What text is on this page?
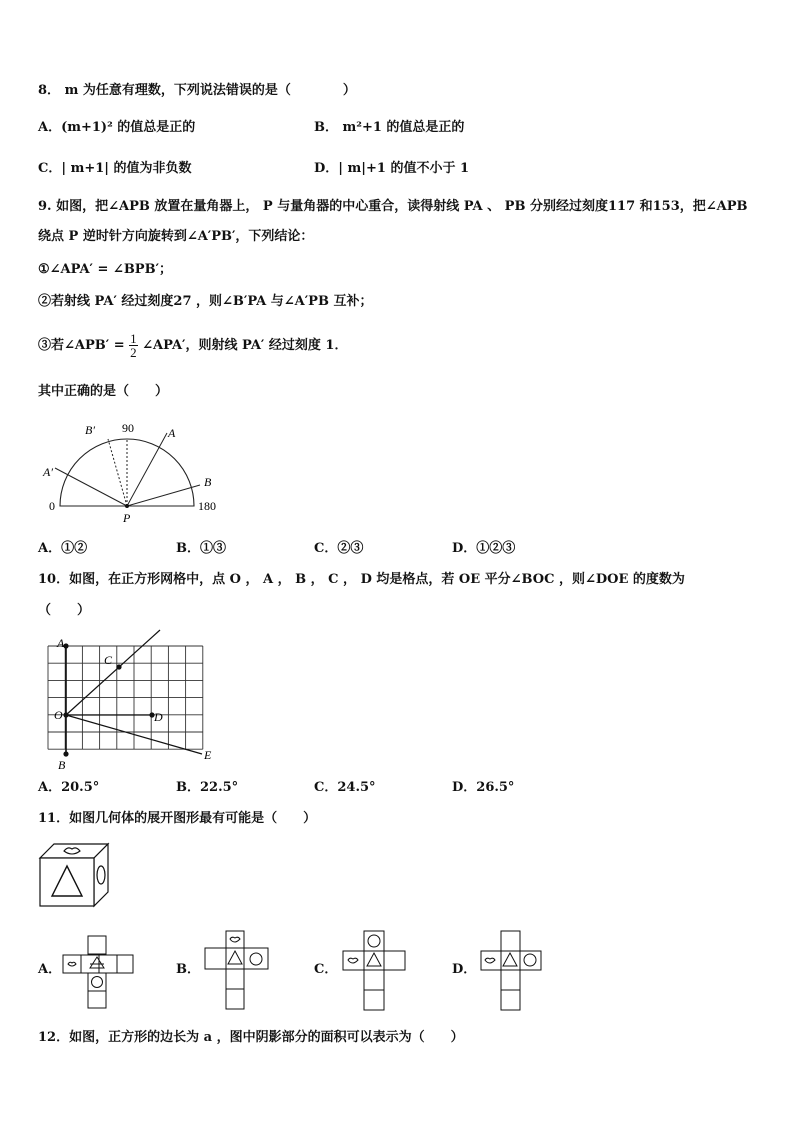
8． m 为任意有理数，下列说法错误的是（　　　　）
A．(m+1)² 的值总是正的	B． m²+1 的值总是正的
C．| m+1| 的值为非负数	D．| m|+1 的值不小于 1
9. 如图，把∠APB 放置在量角器上， P 与量角器的中心重合，读得射线 PA 、 PB 分别经过刻度117 和153，把∠APB
绕点 P 逆时针方向旋转到∠A′PB′，下列结论：
①∠APA′ = ∠BPB′；
②若射线 PA′ 经过刻度27 ，则∠B′PA 与∠A′PB 互补；
③若∠APB′ = $\frac{1}{2}$ ∠APA′，则射线 PA′ 经过刻度 1．
其中正确的是（　　）
90
0	180
P
A
B
A′
B′
A．①②	B．①③	C．②③	D．①②③
10．如图，在正方形网格中，点 O ， A ， B ， C ， D 均是格点，若 OE 平分∠BOC ，则∠DOE 的度数为
（　　）
A
B
C
D
O
E
A．20.5°	B．22.5°	C．24.5°	D．26.5°
11．如图几何体的展开图形最有可能是（　　）
A．	B．	C．	D．
12．如图，正方形的边长为 a ，图中阴影部分的面积可以表示为（　　）
